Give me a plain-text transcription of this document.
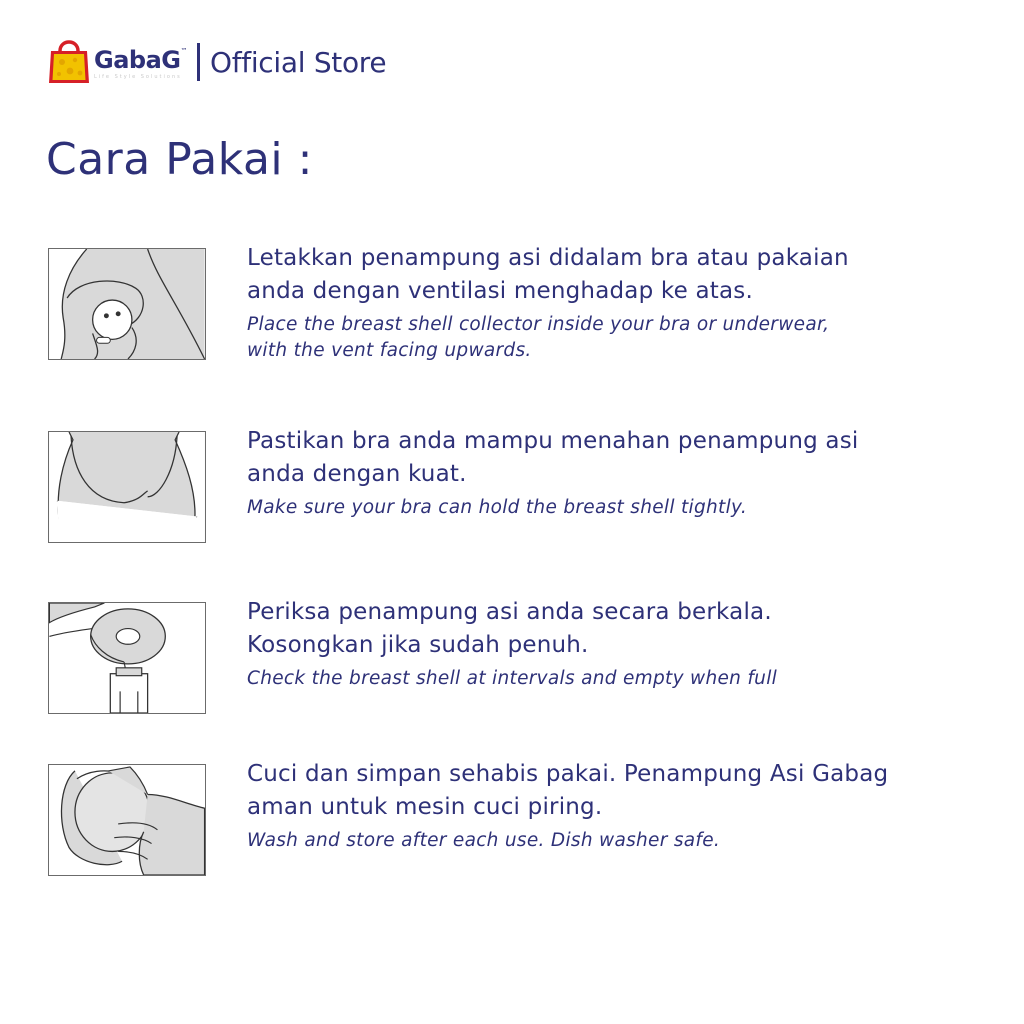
GabaG™
Life Style Solutions Official Store
Cara Pakai :

Letakkan penampung asi didalam bra atau pakaian
anda dengan ventilasi menghadap ke atas.

Place the breast shell collector inside your bra or underwear,
with the vent facing upwards.

Pastikan bra anda mampu menahan penampung asi
anda dengan kuat.

Make sure your bra can hold the breast shell tightly.

Periksa penampung asi anda secara berkala.
Kosongkan jika sudah penuh.

Check the breast shell at intervals and empty when full

Cuci dan simpan sehabis pakai. Penampung Asi Gabag
aman untuk mesin cuci piring.

Wash and store after each use. Dish washer safe.
